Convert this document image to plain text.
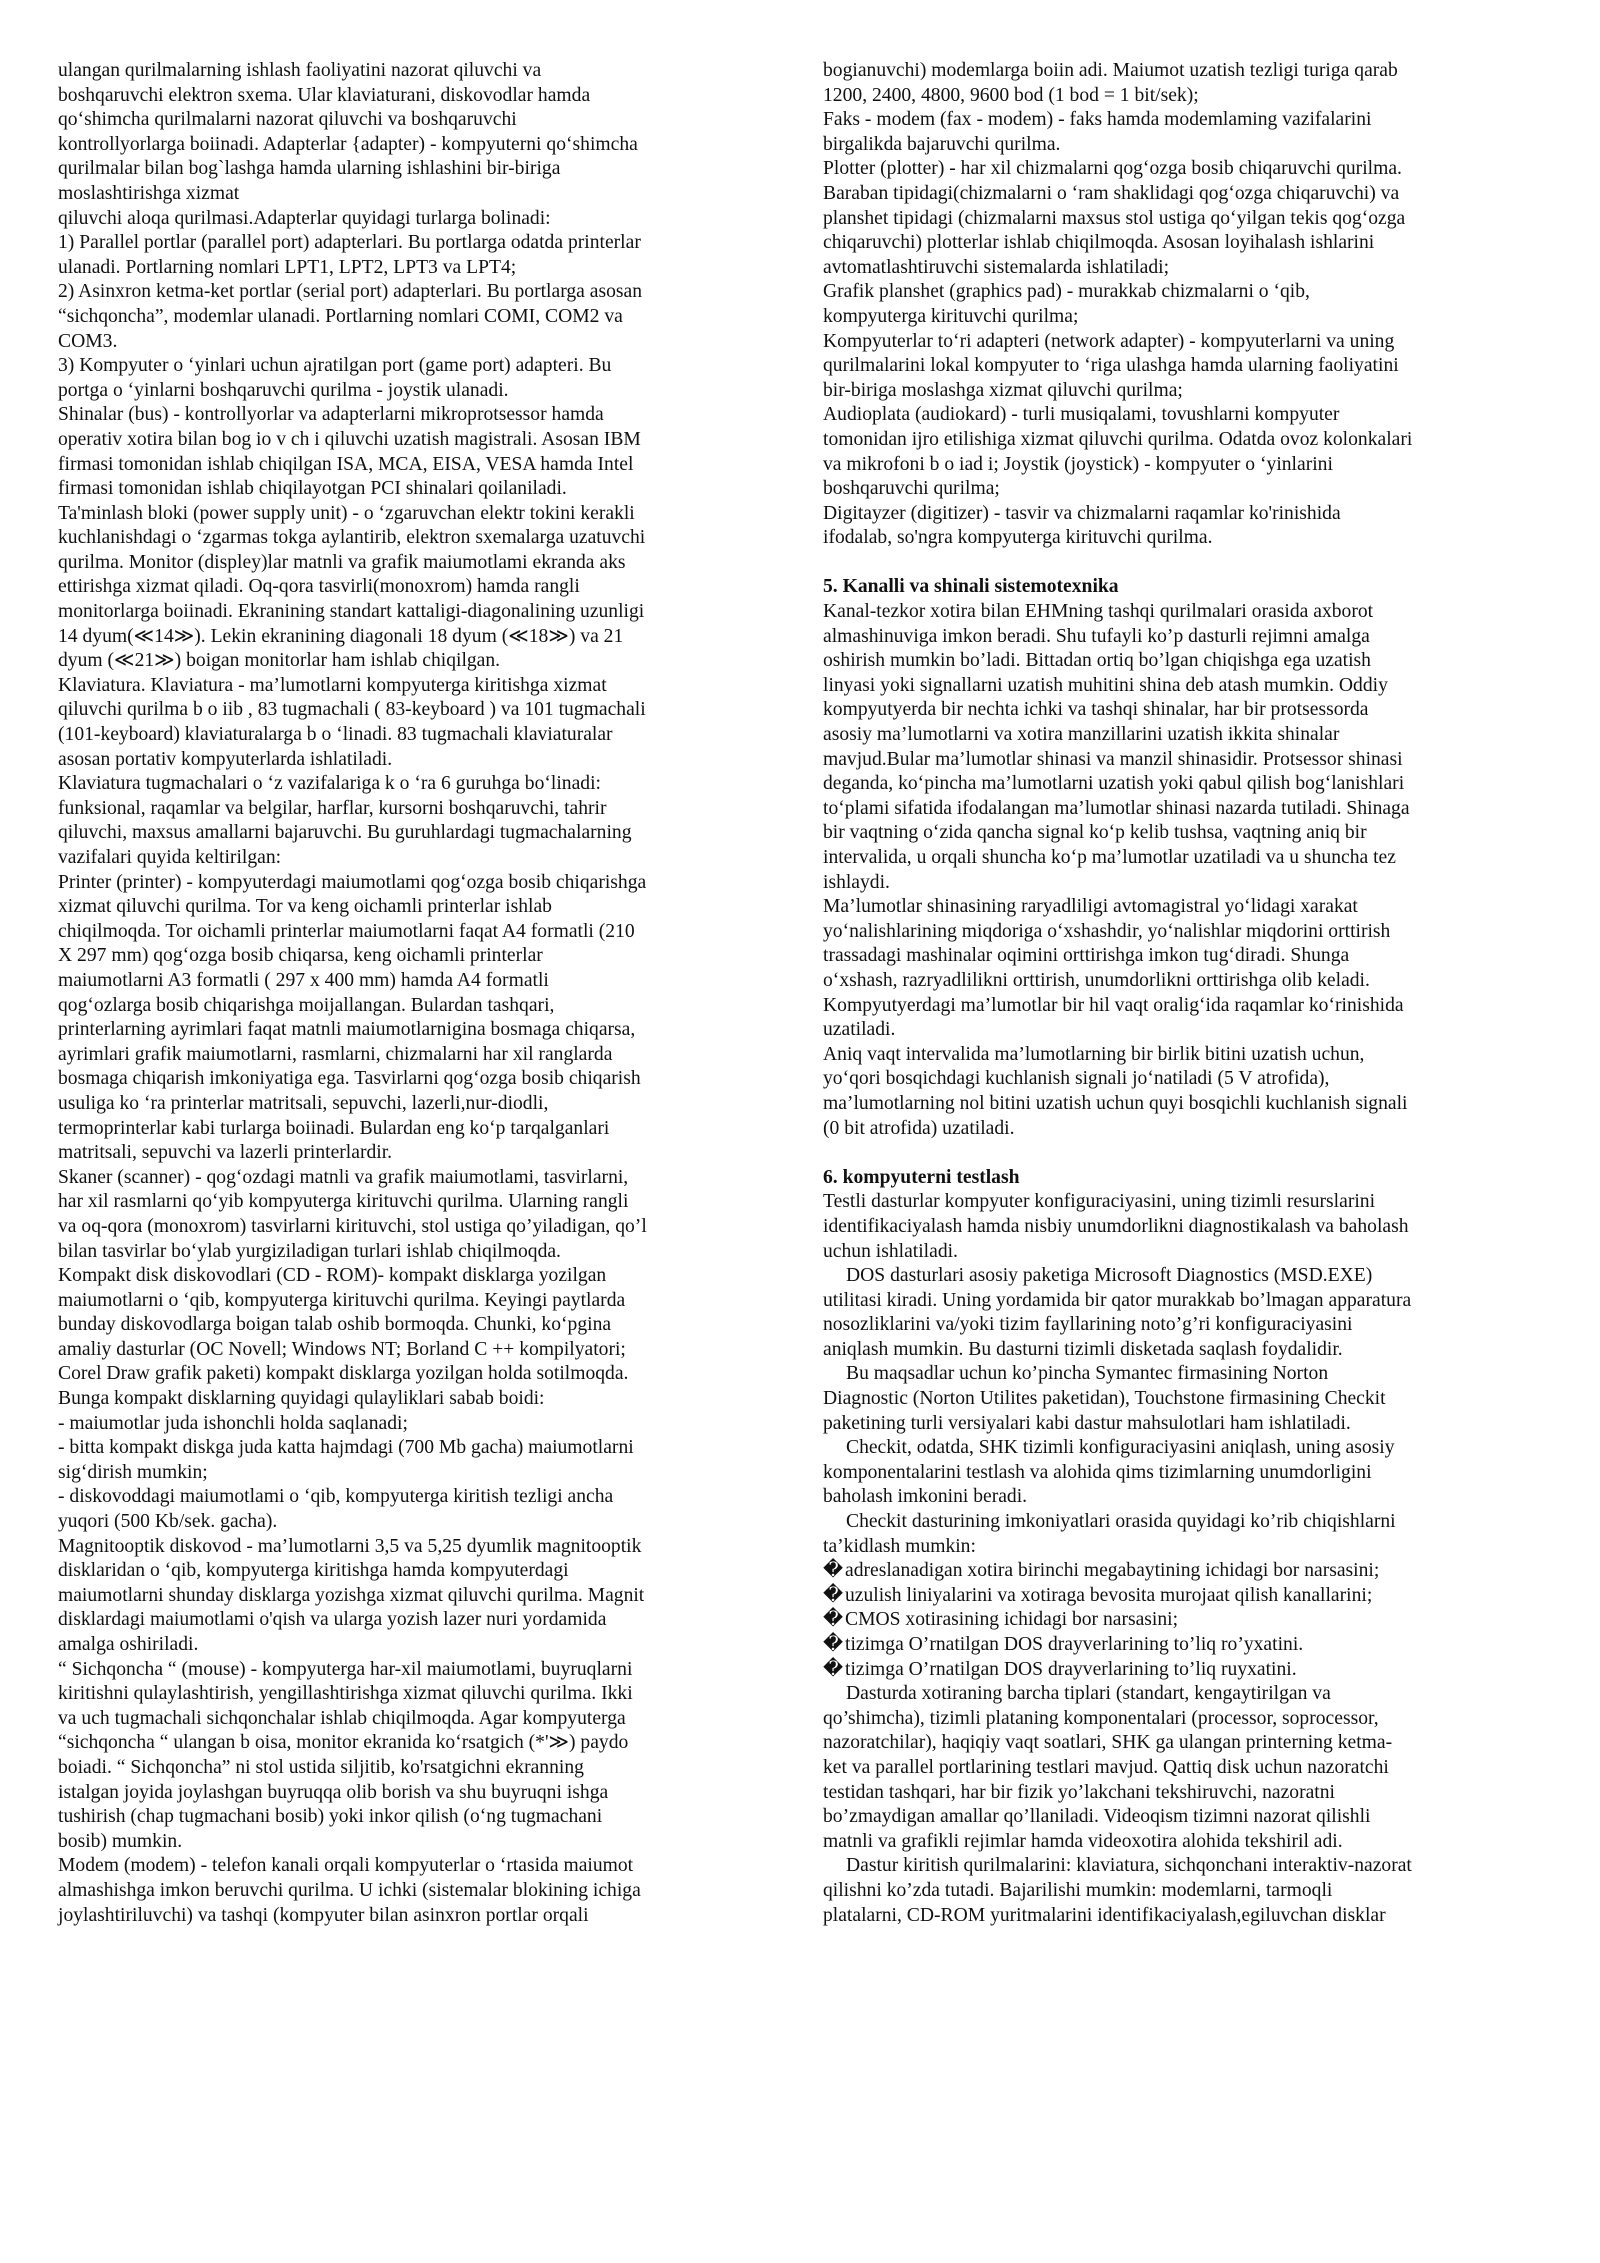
ulangan qurilmalarning ishlash faoliyatini nazorat qiluvchi va
boshqaruvchi elektron sxema. Ular klaviaturani, diskovodlar hamda
qo‘shimcha qurilmalarni nazorat qiluvchi va boshqaruvchi
kontrollyorlarga boiinadi. Adapterlar {adapter) - kompyuterni qo‘shimcha
qurilmalar bilan bog`lashga hamda ularning ishlashini bir-biriga
moslashtirishga xizmat
qiluvchi aloqa qurilmasi.Adapterlar quyidagi turlarga bolinadi:

1) Parallel portlar (parallel port) adapterlari. Bu portlarga odatda printerlar
ulanadi. Portlarning nomlari LPT1, LPT2, LPT3 va LPT4;

2) Asinxron ketma-ket portlar (serial port) adapterlari. Bu portlarga asosan
“sichqoncha”, modemlar ulanadi. Portlarning nomlari COMI, COM2 va
COM3.

3) Kompyuter o ‘yinlari uchun ajratilgan port (game port) adapteri. Bu
portga o ‘yinlarni boshqaruvchi qurilma - joystik ulanadi.

Shinalar (bus) - kontrollyorlar va adapterlarni mikroprotsessor hamda
operativ xotira bilan bog io v ch i qiluvchi uzatish magistrali. Asosan IBM
firmasi tomonidan ishlab chiqilgan ISA, MCA, EISA, VESA hamda Intel
firmasi tomonidan ishlab chiqilayotgan PCI shinalari qoilaniladi.

Ta'minlash bloki (power supply unit) - o ‘zgaruvchan elektr tokini kerakli
kuchlanishdagi o ‘zgarmas tokga aylantirib, elektron sxemalarga uzatuvchi
qurilma. Monitor (displey)lar matnli va grafik maiumotlami ekranda aks
ettirishga xizmat qiladi. Oq-qora tasvirli(monoxrom) hamda rangli
monitorlarga boiinadi. Ekranining standart kattaligi-diagonalining uzunligi
14 dyum(≪14≫). Lekin ekranining diagonali 18 dyum (≪18≫) va 21
dyum (≪21≫) boigan monitorlar ham ishlab chiqilgan.

Klaviatura. Klaviatura - ma’lumotlarni kompyuterga kiritishga xizmat
qiluvchi qurilma b o iib , 83 tugmachali ( 83-keyboard ) va 101 tugmachali
(101-keyboard) klaviaturalarga b o ‘linadi. 83 tugmachali klaviaturalar
asosan portativ kompyuterlarda ishlatiladi.

Klaviatura tugmachalari o ‘z vazifalariga k o ‘ra 6 guruhga bo‘linadi:
funksional, raqamlar va belgilar, harflar, kursorni boshqaruvchi, tahrir
qiluvchi, maxsus amallarni bajaruvchi. Bu guruhlardagi tugmachalarning
vazifalari quyida keltirilgan:

Printer (printer) - kompyuterdagi maiumotlami qog‘ozga bosib chiqarishga
xizmat qiluvchi qurilma. Tor va keng oichamli printerlar ishlab
chiqilmoqda. Tor oichamli printerlar maiumotlarni faqat A4 formatli (210
X 297 mm) qog‘ozga bosib chiqarsa, keng oichamli printerlar
maiumotlarni A3 formatli ( 297 x 400 mm) hamda A4 formatli
qog‘ozlarga bosib chiqarishga moijallangan. Bulardan tashqari,
printerlarning ayrimlari faqat matnli maiumotlarnigina bosmaga chiqarsa,
ayrimlari grafik maiumotlarni, rasmlarni, chizmalarni har xil ranglarda
bosmaga chiqarish imkoniyatiga ega. Tasvirlarni qog‘ozga bosib chiqarish
usuliga ko ‘ra printerlar matritsali, sepuvchi, lazerli,nur-diodli,
termoprinterlar kabi turlarga boiinadi. Bulardan eng ko‘p tarqalganlari
matritsali, sepuvchi va lazerli printerlardir.

Skaner (scanner) - qog‘ozdagi matnli va grafik maiumotlami, tasvirlarni,
har xil rasmlarni qo‘yib kompyuterga kirituvchi qurilma. Ularning rangli
va oq-qora (monoxrom) tasvirlarni kirituvchi, stol ustiga qo’yiladigan, qo’l
bilan tasvirlar bo‘ylab yurgiziladigan turlari ishlab chiqilmoqda.

Kompakt disk diskovodlari (CD - ROM)- kompakt disklarga yozilgan
maiumotlarni o ‘qib, kompyuterga kirituvchi qurilma. Keyingi paytlarda
bunday diskovodlarga boigan talab oshib bormoqda. Chunki, ko‘pgina
amaliy dasturlar (OC Novell; Windows NT; Borland C ++ kompilyatori;
Corel Draw grafik paketi) kompakt disklarga yozilgan holda sotilmoqda.
Bunga kompakt disklarning quyidagi qulayliklari sabab boidi:

- maiumotlar juda ishonchli holda saqlanadi;

- bitta kompakt diskga juda katta hajmdagi (700 Mb gacha) maiumotlarni
sig‘dirish mumkin;

- diskovoddagi maiumotlami o ‘qib, kompyuterga kiritish tezligi ancha
yuqori (500 Kb/sek. gacha).

Magnitooptik diskovod - ma’lumotlarni 3,5 va 5,25 dyumlik magnitooptik
disklaridan o ‘qib, kompyuterga kiritishga hamda kompyuterdagi
maiumotlarni shunday disklarga yozishga xizmat qiluvchi qurilma. Magnit
disklardagi maiumotlami o'qish va ularga yozish lazer nuri yordamida
amalga oshiriladi.

“ Sichqoncha “ (mouse) - kompyuterga har-xil maiumotlami, buyruqlarni
kiritishni qulaylashtirish, yengillashtirishga xizmat qiluvchi qurilma. Ikki
va uch tugmachali sichqonchalar ishlab chiqilmoqda. Agar kompyuterga
“sichqoncha “ ulangan b oisa, monitor ekranida ko‘rsatgich (*'≫) paydo
boiadi. “ Sichqoncha” ni stol ustida siljitib, ko'rsatgichni ekranning
istalgan joyida joylashgan buyruqqa olib borish va shu buyruqni ishga
tushirish (chap tugmachani bosib) yoki inkor qilish (o‘ng tugmachani
bosib) mumkin.

Modem (modem) - telefon kanali orqali kompyuterlar o ‘rtasida maiumot
almashishga imkon beruvchi qurilma. U ichki (sistemalar blokining ichiga
joylashtiriluvchi) va tashqi (kompyuter bilan asinxron portlar orqali

bogianuvchi) modemlarga boiin adi. Maiumot uzatish tezligi turiga qarab
1200, 2400, 4800, 9600 bod (1 bod = 1 bit/sek);

Faks - modem (fax - modem) - faks hamda modemlaming vazifalarini
birgalikda bajaruvchi qurilma.

Plotter (plotter) - har xil chizmalarni qog‘ozga bosib chiqaruvchi qurilma.
Baraban tipidagi(chizmalarni o ‘ram shaklidagi qog‘ozga chiqaruvchi) va
planshet tipidagi (chizmalarni maxsus stol ustiga qo‘yilgan tekis qog‘ozga
chiqaruvchi) plotterlar ishlab chiqilmoqda. Asosan loyihalash ishlarini
avtomatlashtiruvchi sistemalarda ishlatiladi;

Grafik planshet (graphics pad) - murakkab chizmalarni o ‘qib,
kompyuterga kirituvchi qurilma;

Kompyuterlar to‘ri adapteri (network adapter) - kompyuterlarni va uning
qurilmalarini lokal kompyuter to ‘riga ulashga hamda ularning faoliyatini
bir-biriga moslashga xizmat qiluvchi qurilma;

Audioplata (audiokard) - turli musiqalami, tovushlarni kompyuter
tomonidan ijro etilishiga xizmat qiluvchi qurilma. Odatda ovoz kolonkalari
va mikrofoni b o iad i; Joystik (joystick) - kompyuter o ‘yinlarini
boshqaruvchi qurilma;

Digitayzer (digitizer) - tasvir va chizmalarni raqamlar ko'rinishida
ifodalab, so'ngra kompyuterga kirituvchi qurilma.

5. Kanalli va shinali sistemotexnika

Kanal-tezkor xotira bilan EHMning tashqi qurilmalari orasida axborot
almashinuviga imkon beradi. Shu tufayli ko’p dasturli rejimni amalga
oshirish mumkin bo’ladi. Bittadan ortiq bo’lgan chiqishga ega uzatish
linyasi yoki signallarni uzatish muhitini shina deb atash mumkin. Oddiy
kompyutyerda bir nechta ichki va tashqi shinalar, har bir protsessorda
asosiy ma’lumotlarni va xotira manzillarini uzatish ikkita shinalar
mavjud.Bular ma’lumotlar shinasi va manzil shinasidir. Protsessor shinasi
deganda, ko‘pincha ma’lumotlarni uzatish yoki qabul qilish bog‘lanishlari
to‘plami sifatida ifodalangan ma’lumotlar shinasi nazarda tutiladi. Shinaga
bir vaqtning o‘zida qancha signal ko‘p kelib tushsa, vaqtning aniq bir
intervalida, u orqali shuncha ko‘p ma’lumotlar uzatiladi va u shuncha tez
ishlaydi.

Ma’lumotlar shinasining raryadliligi avtomagistral yo‘lidagi xarakat
yo‘nalishlarining miqdoriga o‘xshashdir, yo‘nalishlar miqdorini orttirish
trassadagi mashinalar oqimini orttirishga imkon tug‘diradi. Shunga
o‘xshash, razryadlilikni orttirish, unumdorlikni orttirishga olib keladi.
Kompyutyerdagi ma’lumotlar bir hil vaqt oralig‘ida raqamlar ko‘rinishida
uzatiladi.

Aniq vaqt intervalida ma’lumotlarning bir birlik bitini uzatish uchun,
yo‘qori bosqichdagi kuchlanish signali jo‘natiladi (5 V atrofida),
ma’lumotlarning nol bitini uzatish uchun quyi bosqichli kuchlanish signali
(0 bit atrofida) uzatiladi.

6. kompyuterni testlash

Testli dasturlar kompyuter konfiguraciyasini, uning tizimli resurslarini
identifikaciyalash hamda nisbiy unumdorlikni diagnostikalash va baholash
uchun ishlatiladi.

DOS dasturlari asosiy paketiga Microsoft Diagnostics (MSD.EXE)
utilitasi kiradi. Uning yordamida bir qator murakkab bo’lmagan apparatura
nosozliklarini va/yoki tizim fayllarining noto’g’ri konfiguraciyasini
aniqlash mumkin. Bu dasturni tizimli disketada saqlash foydalidir.

Bu maqsadlar uchun ko’pincha Symantec firmasining Norton
Diagnostic (Norton Utilites paketidan), Touchstone firmasining Checkit
paketining turli versiyalari kabi dastur mahsulotlari ham ishlatiladi.

Checkit, odatda, SHK tizimli konfiguraciyasini aniqlash, uning asosiy
komponentalarini testlash va alohida qims tizimlarning unumdorligini
baholash imkonini beradi.

Checkit dasturining imkoniyatlari orasida quyidagi ko’rib chiqishlarni
ta’kidlash mumkin:

�adreslanadigan xotira birinchi megabaytining ichidagi bor narsasini;

�uzulish liniyalarini va xotiraga bevosita murojaat qilish kanallarini;

�CMOS xotirasining ichidagi bor narsasini;

�tizimga O’rnatilgan DOS drayverlarining to’liq ro’yxatini.

�tizimga O’rnatilgan DOS drayverlarining to’liq ruyxatini.

Dasturda xotiraning barcha tiplari (standart, kengaytirilgan va
qo’shimcha), tizimli plataning komponentalari (processor, soprocessor,
nazoratchilar), haqiqiy vaqt soatlari, SHK ga ulangan printerning ketma-
ket va parallel portlarining testlari mavjud. Qattiq disk uchun nazoratchi
testidan tashqari, har bir fizik yo’lakchani tekshiruvchi, nazoratni
bo’zmaydigan amallar qo’llaniladi. Videoqism tizimni nazorat qilishli
matnli va grafikli rejimlar hamda videoxotira alohida tekshiril adi.

Dastur kiritish qurilmalarini: klaviatura, sichqonchani interaktiv-nazorat
qilishni ko’zda tutadi. Bajarilishi mumkin: modemlarni, tarmoqli
platalarni, CD-ROM yuritmalarini identifikaciyalash,egiluvchan disklar
